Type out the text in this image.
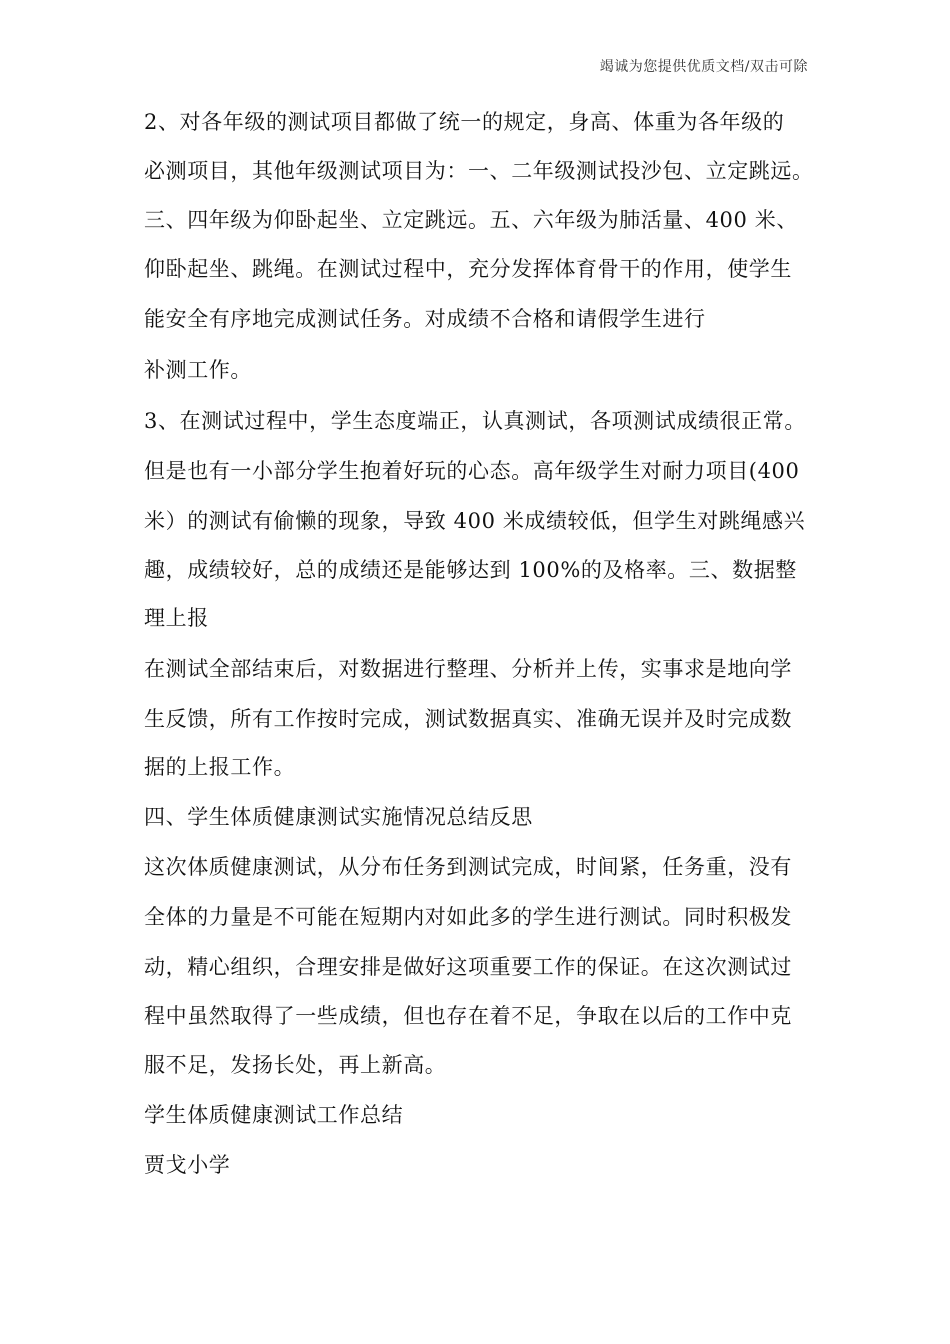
竭诚为您提供优质文档/双击可除
2、对各年级的测试项目都做了统一的规定，身高、体重为各年级的
必测项目，其他年级测试项目为：一、二年级测试投沙包、立定跳远。
三、四年级为仰卧起坐、立定跳远。五、六年级为肺活量、400 米、
仰卧起坐、跳绳。在测试过程中，充分发挥体育骨干的作用，使学生
能安全有序地完成测试任务。对成绩不合格和请假学生进行
补测工作。
3、在测试过程中，学生态度端正，认真测试，各项测试成绩很正常。
但是也有一小部分学生抱着好玩的心态。高年级学生对耐力项目(400
米）的测试有偷懒的现象，导致 400 米成绩较低，但学生对跳绳感兴
趣，成绩较好，总的成绩还是能够达到 100%的及格率。三、数据整
理上报
在测试全部结束后，对数据进行整理、分析并上传，实事求是地向学
生反馈，所有工作按时完成，测试数据真实、准确无误并及时完成数
据的上报工作。
四、学生体质健康测试实施情况总结反思
这次体质健康测试，从分布任务到测试完成，时间紧，任务重，没有
全体的力量是不可能在短期内对如此多的学生进行测试。同时积极发
动，精心组织，合理安排是做好这项重要工作的保证。在这次测试过
程中虽然取得了一些成绩，但也存在着不足，争取在以后的工作中克
服不足，发扬长处，再上新高。
学生体质健康测试工作总结
贾戈小学
